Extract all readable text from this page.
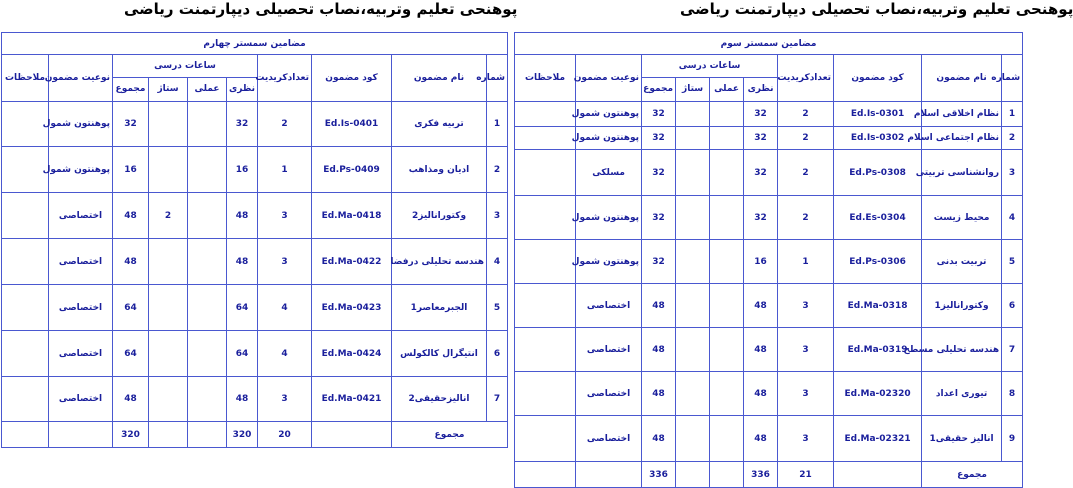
پوهنحی تعلیم وتربیه،نصاب تحصیلی دیپارتمنت ریاضی
پوهنحی تعلیم وتربیه،نصاب تحصیلی دیپارتمنت ریاضی
مضامین سمستر سوم									
شماره	نام مضمون	کود مضمون	تعدادکریدیت	ساعات درسی				نوعیت مضمون	ملاحظات
				نظری	عملی	ستاژ	مجموع		
1	نظام اخلاقی اسلام	Ed.Is-0301	2	32			32	پوهنتون شمول	
2	نظام اجتماعی اسلام	Ed.Is-0302	2	32			32	پوهنتون شمول	
3	روانشناسی تربیتی	Ed.Ps-0308	2	32			32	مسلکی	
4	محیط زیست	Ed.Es-0304	2	32			32	پوهنتون شمول	
5	تربیت بدنی	Ed.Ps-0306	1	16			32	پوهنتون شمول	
6	وکتورانالیز1	Ed.Ma-0318	3	48			48	اختصاصی	
7	هندسه تحلیلی مسطح	Ed.Ma-0319	3	48			48	اختصاصی	
8	تیوری اعداد	Ed.Ma-02320	3	48			48	اختصاصی	
9	انالیز حقیقی1	Ed.Ma-02321	3	48			48	اختصاصی	
مجموع			21	336			336		
مضامین سمستر چهارم									
شماره	نام مضمون	کود مضمون	تعدادکریدیت	ساعات درسی				نوعیت مضمون	ملاحظات
				نظری	عملی	ستاژ	مجموع		
1	تربیه فکری	Ed.Is-0401	2	32			32	پوهنتون شمول	
2	ادیان ومذاهب	Ed.Ps-0409	1	16			16	پوهنتون شمول	
3	وکتورانالیز2	Ed.Ma-0418	3	48		2	48	اختصاصی	
4	هندسه تحلیلی درفضا	Ed.Ma-0422	3	48			48	اختصاصی	
5	الجبرمعاصر1	Ed.Ma-0423	4	64			64	اختصاصی	
6	انتیگرال کالکولس	Ed.Ma-0424	4	64			64	اختصاصی	
7	انالیزحقیقی2	Ed.Ma-0421	3	48			48	اختصاصی	
مجموع			20	320			320		
